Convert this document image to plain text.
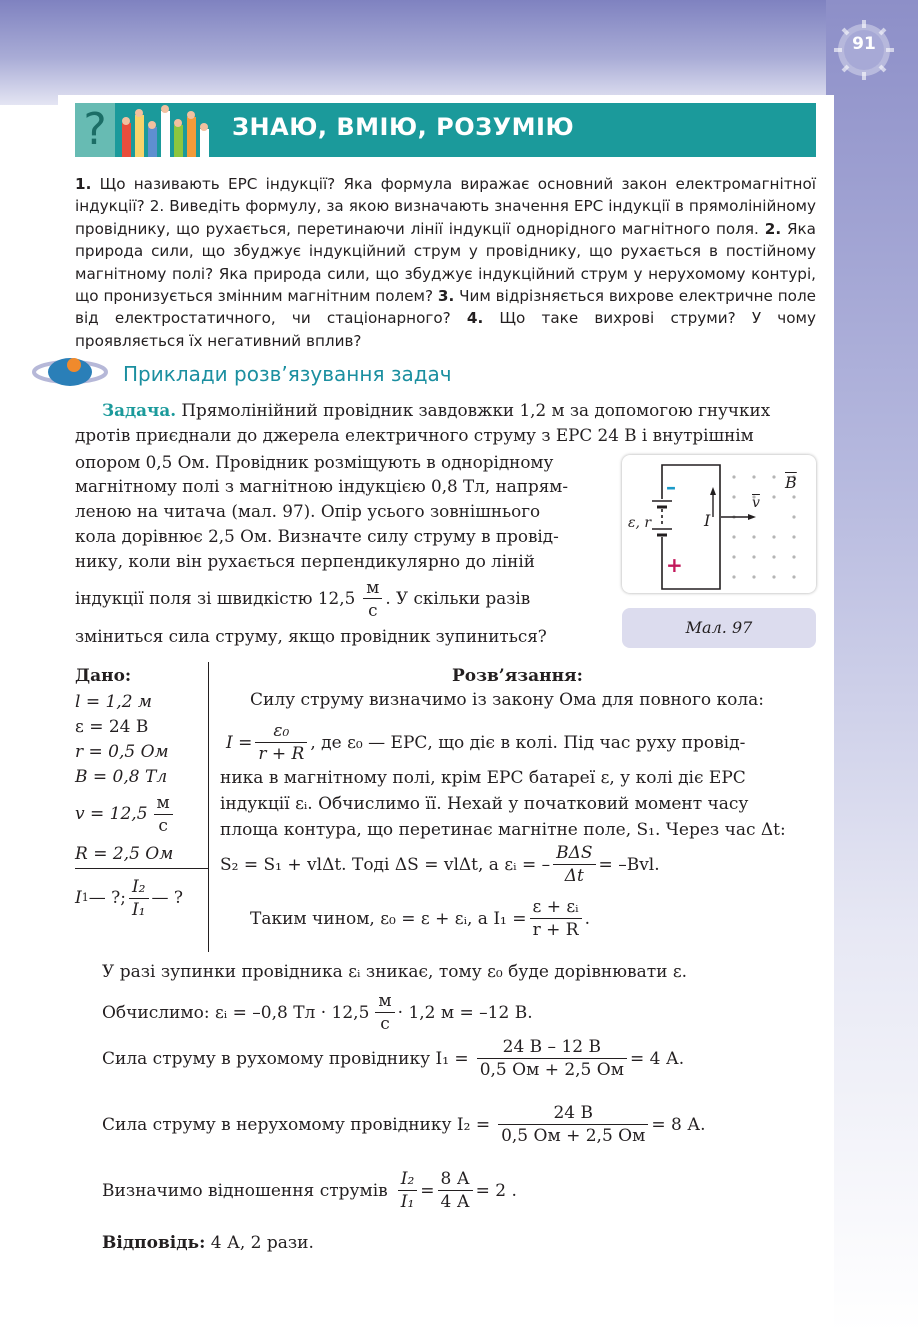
91
?	ЗНАЮ, ВМІЮ, РОЗУМІЮ
1. Що називають ЕРС індукції? Яка формула виражає основний закон електромагнітної індукції? 2. Виведіть формулу, за якою визначають значення ЕРС індукції в прямолінійному провіднику, що рухається, перетинаючи лінії індукції однорідного магнітного поля. 2. Яка природа сили, що збуджує індукційний струм у провіднику, що рухається в постійному магнітному полі? Яка природа сили, що збуджує індукційний струм у нерухомому контурі, що пронизується змінним магнітним полем? 3. Чим відрізняється вихрове електричне поле від електростатичного, чи стаціонарного? 4. Що таке вихрові струми? У чому проявляється їх негативний вплив?
Приклади розв’язування задач
Задача. Прямолінійний провідник завдовжки 1,2 м за допомогою гнучких
дротів приєднали до джерела електричного струму з ЕРС 24 В і внутрішнім
опором 0,5 Ом. Провідник розміщують в однорідному
магнітному полі з магнітною індукцією 0,8 Тл, напрям-
леною на читача (мал. 97). Опір усього зовнішнього
кола дорівнює 2,5 Ом. Визначте силу струму в провід-
нику, коли він рухається перпендикулярно до ліній
індукції поля зі швидкістю $12,5 \frac{м}{с}$ . У скільки разів
зміниться сила струму, якщо провідник зупиниться?
–
+
ε, r	I
$\overline{B}$
$\overline{v}$
Мал. 97
Дано:
l = 1,2 м
ε = 24 В
r = 0,5 Ом
B = 0,8 Тл
$v = 12,5 \frac{м}{с}$
R = 2,5 Ом
I 1 — ?; $\frac{\text{I₂}}{\text{I₁}}$ — ?
Розв’язання:
Силу струму визначимо із закону Ома для повного кола:
$I = \frac{\text{ε₀}}{r + R}$ , де ε₀ — ЕРС, що діє в колі. Під час руху провід-
ника в магнітному полі, крім ЕРС батареї ε, у колі діє ЕРС
індукції εᵢ. Обчислимо її. Нехай у початковий момент часу
площа контура, що перетинає магнітне поле, S₁. Через час Δt:
S₂ = S₁ + vlΔt. Тоді ΔS = vlΔt, а εᵢ = – $\frac{\text{BΔS}}{\Delta t} = -Bvl$.
Таким чином, ε₀ = ε + εᵢ, а $I_1 = \frac{\text{ε + εᵢ}}{r + R}$ .
У разі зупинки провідника εᵢ зникає, тому ε₀ буде дорівнювати ε.
Обчислимо: εᵢ = –0,8 Тл · $12,5 \frac{м}{с} \cdot 1,2$ м = –12 В.
Сила струму в рухомому провіднику $I_1 = \frac{24 В - 12 В}{0,5 Ом + 2,5 Ом} = 4$ А.
Сила струму в нерухомому провіднику $I_2 = \frac{24 В}{0,5 Ом + 2,5 Ом} = 8$ А.
Визначимо відношення струмів $\frac{\text{I₂}}{\text{I₁}} = \frac{8 А}{4 А} = 2$ .
Відповідь: 4 А, 2 рази.
